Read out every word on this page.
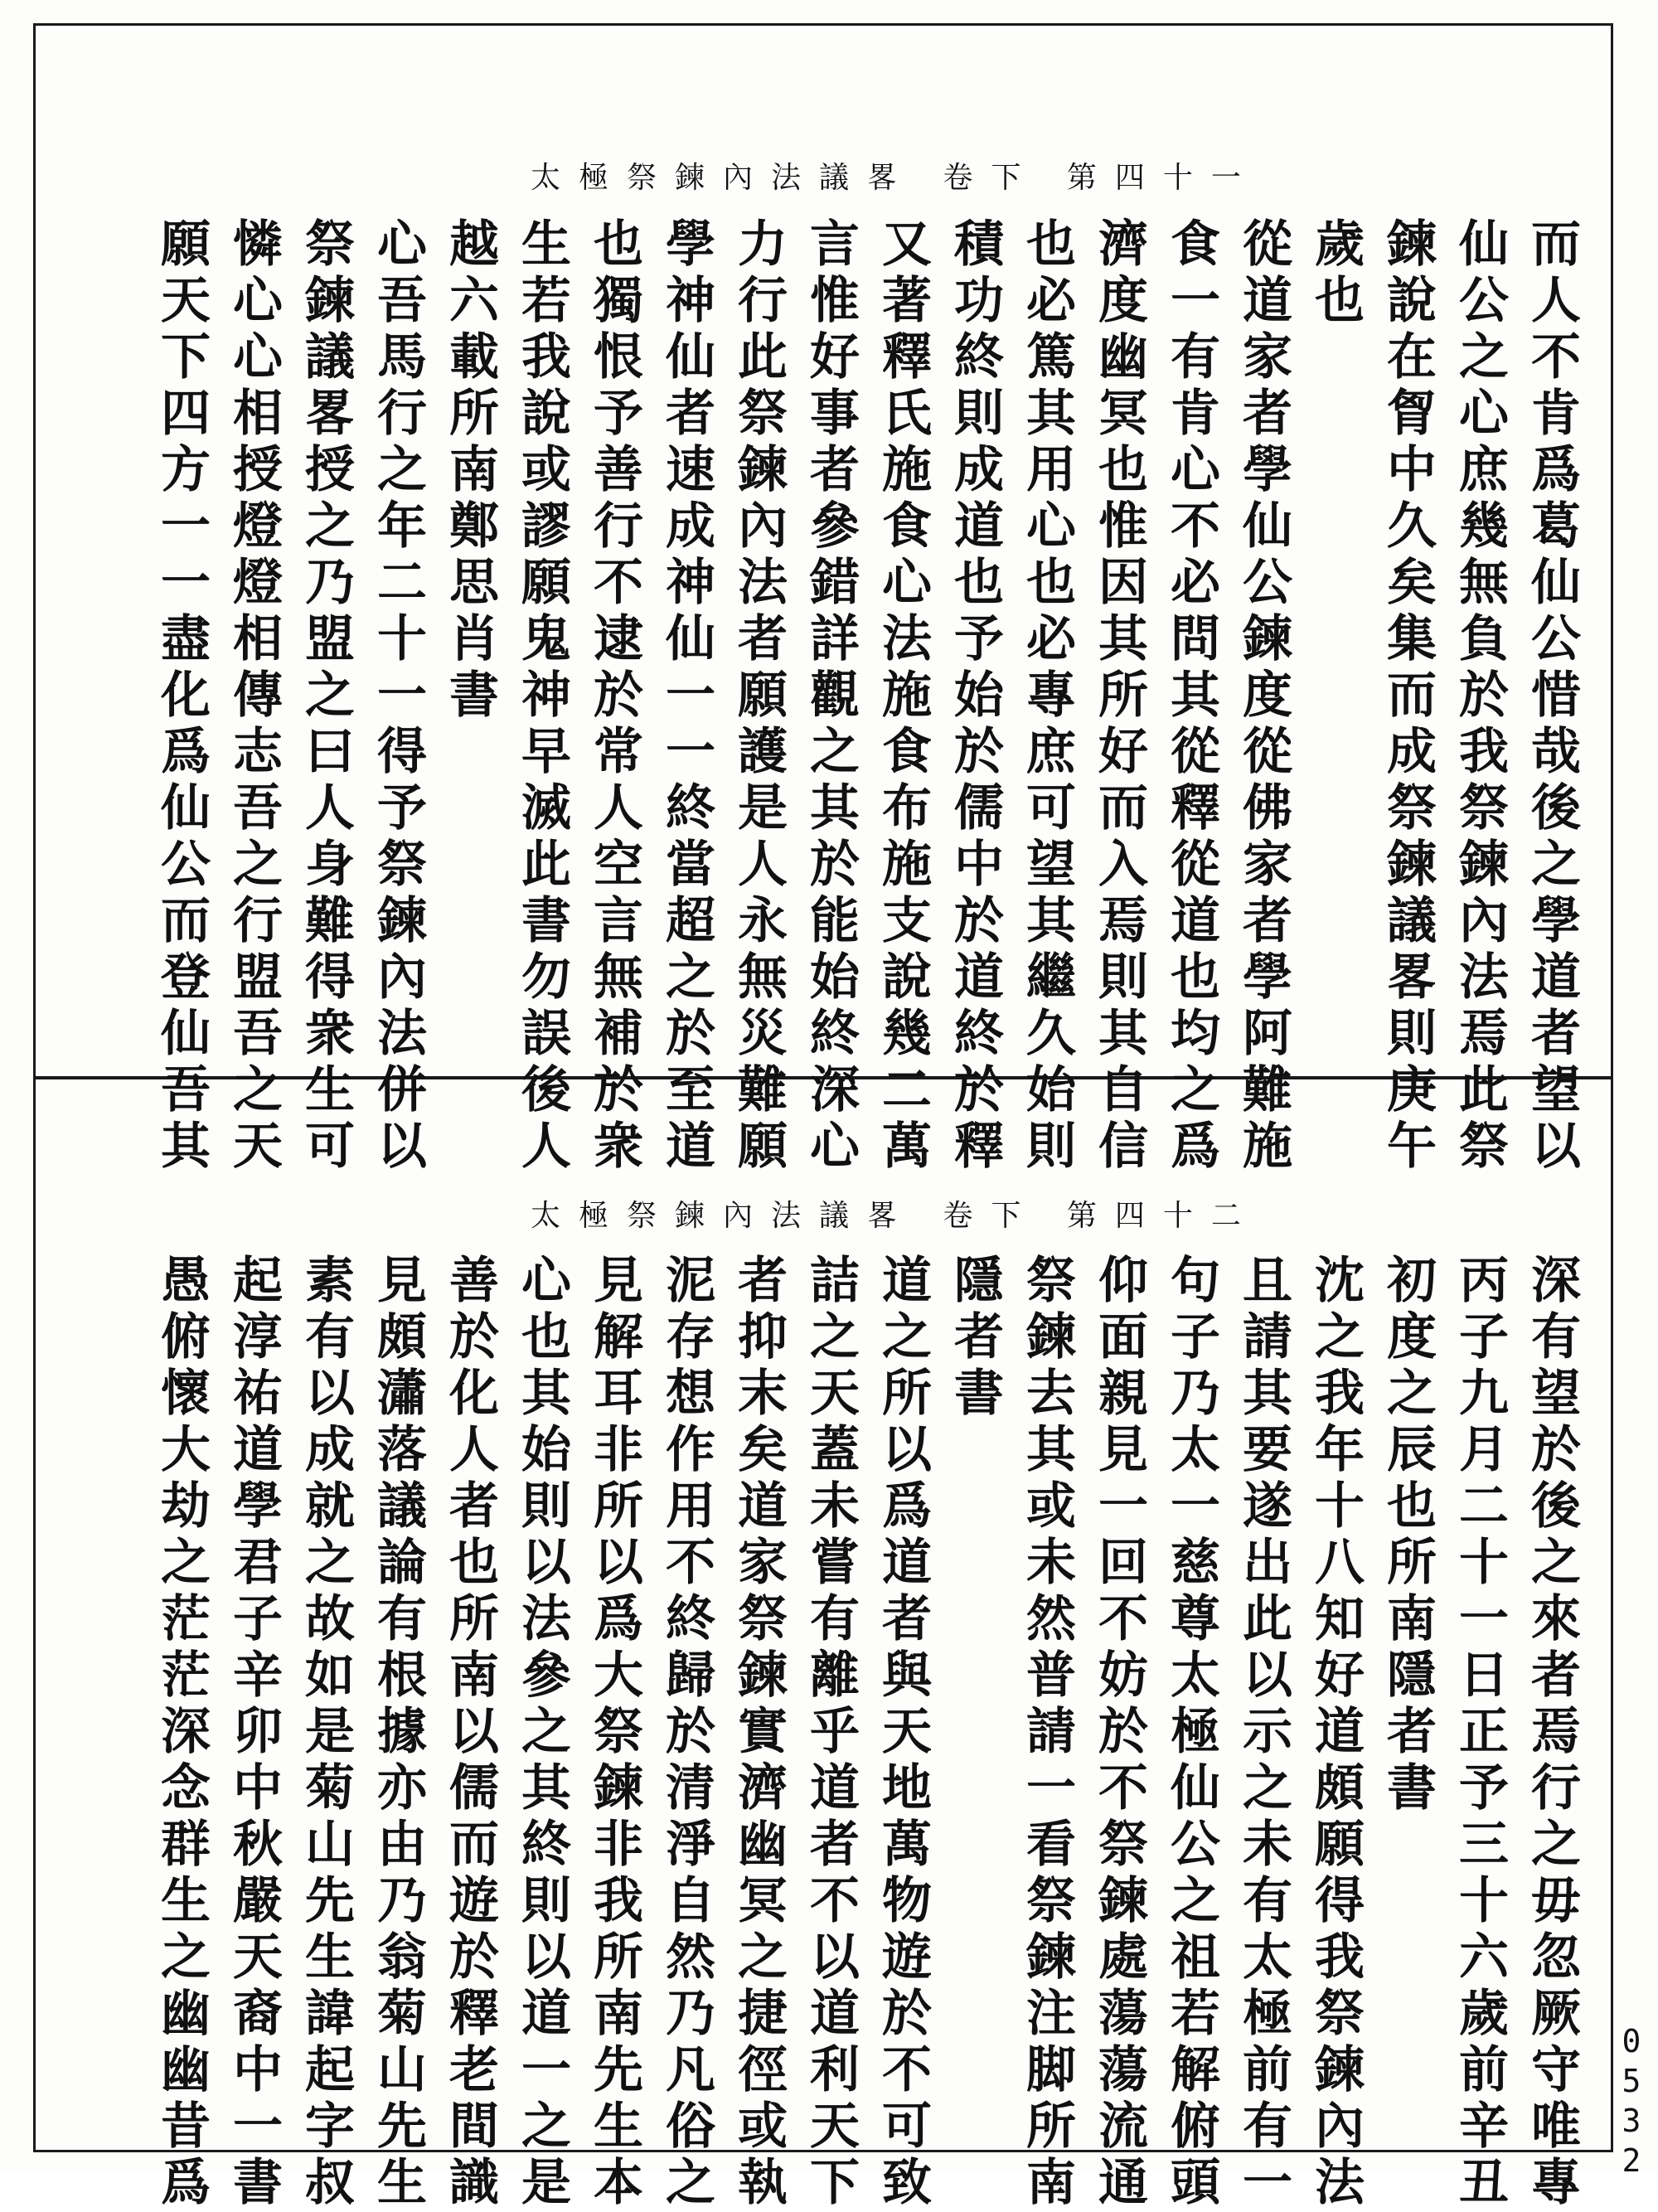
太極祭鍊內法議畧 卷下 第四十一
太極祭鍊內法議畧 卷下 第四十二
而人不肯爲葛仙公惜哉後之學道者望以
仙公之心庶幾無負於我祭鍊內法焉此祭
鍊說在胷中久矣集而成祭鍊議畧則庚午
歲也
從道家者學仙公鍊度從佛家者學阿難施
食一有肯心不必問其從釋從道也均之爲
濟度幽冥也惟因其所好而入焉則其自信
也必篤其用心也必專庶可望其繼久始則
積功終則成道也予始於儒中於道終於釋
又著釋氏施食心法施食布施支說幾二萬
言惟好事者參錯詳觀之其於能始終深心
力行此祭鍊內法者願護是人永無災難願
學神仙者速成神仙一一終當超之於至道
也獨恨予善行不逮於常人空言無補於衆
生若我說或謬願鬼神早滅此書勿誤後人
越六載所南鄭思肖書
心吾馬行之年二十一得予祭鍊內法併以
祭鍊議畧授之乃盟之曰人身難得衆生可
憐心心相授燈燈相傳志吾之行盟吾之天
願天下四方一一盡化爲仙公而登仙吾其
深有望於後之來者焉行之毋忽厥守唯專
丙子九月二十一日正予三十六歲前辛丑
初度之辰也所南隱者書
沈之我年十八知好道頗願得我祭鍊內法
且請其要遂出此以示之未有太極前有一
句子乃太一慈尊太極仙公之祖若解俯頭
仰面親見一回不妨於不祭鍊處蕩蕩流通
祭鍊去其或未然普請一看祭鍊注脚所南
隱者書
道之所以爲道者與天地萬物遊於不可致
詰之天蓋未嘗有離乎道者不以道利天下
者抑末矣道家祭鍊實濟幽冥之捷徑或執
泥存想作用不終歸於清淨自然乃凡俗之
見解耳非所以爲大祭鍊非我所南先生本
心也其始則以法參之其終則以道一之是
善於化人者也所南以儒而遊於釋老間識
見頗瀟落議論有根據亦由乃翁菊山先生
素有以成就之故如是菊山先生諱起字叔
起淳祐道學君子辛卯中秋嚴天裔中一書
愚俯懷大劫之茫茫深念群生之幽幽昔爲	0532
